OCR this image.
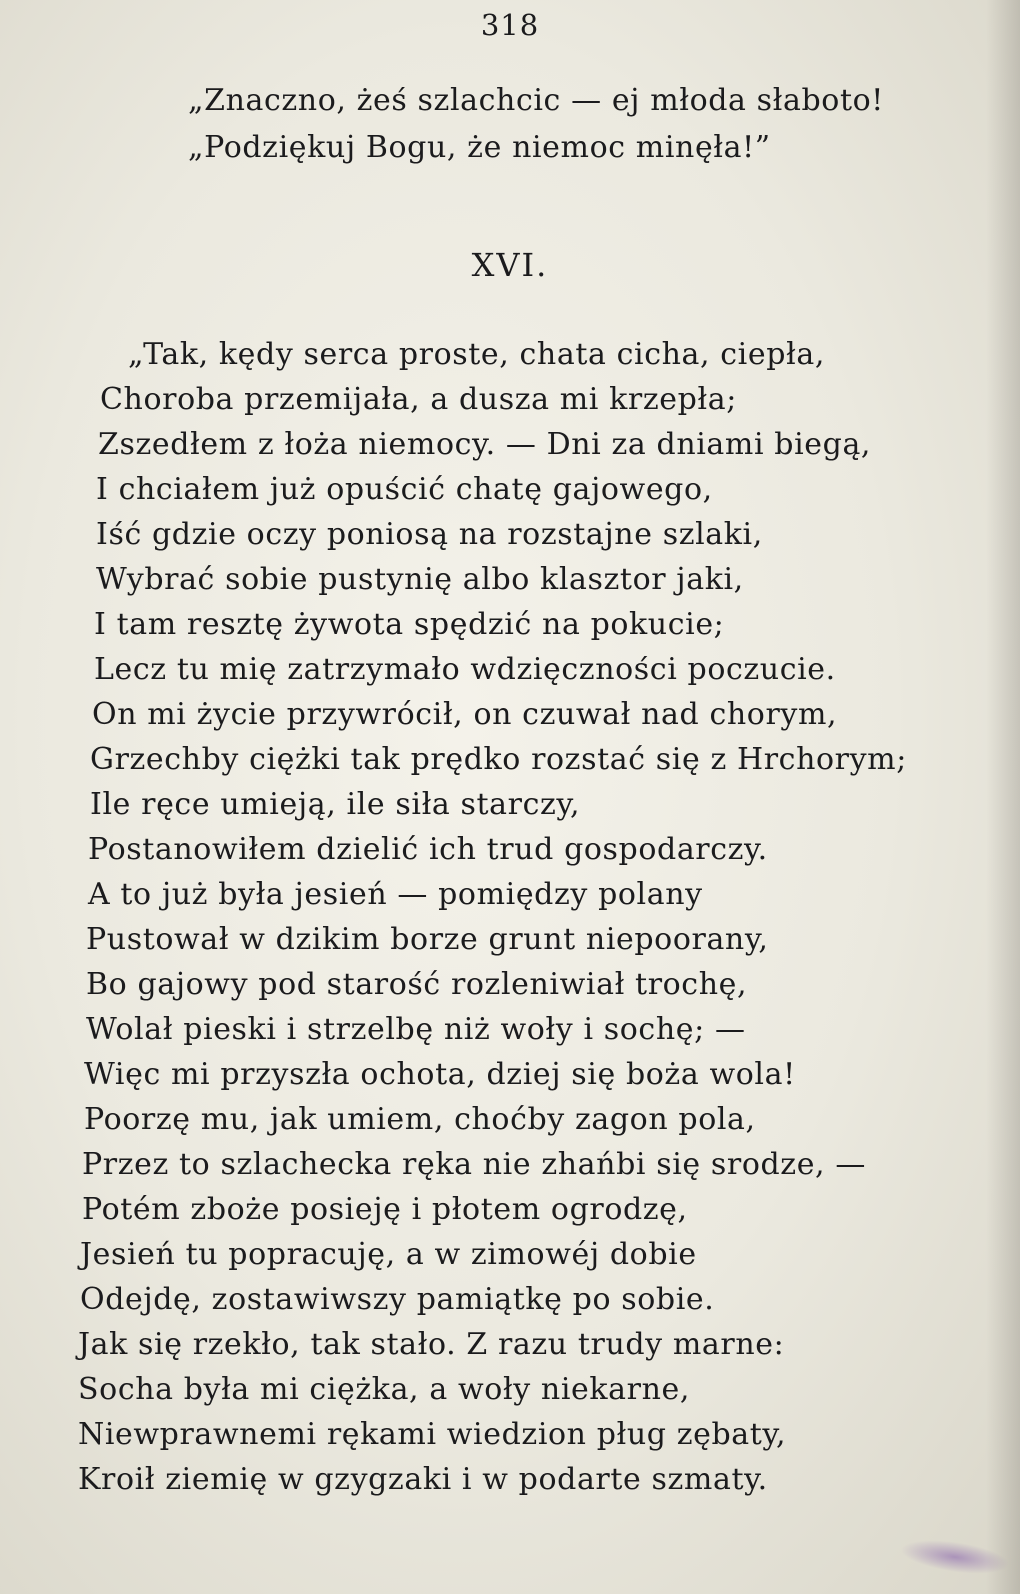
318
„Znaczno, żeś szlachcic — ej młoda słaboto!
„Podziękuj Bogu, że niemoc minęła!”
XVI.
„Tak, kędy serca proste, chata cicha, ciepła,
Choroba przemijała, a dusza mi krzepła;
Zszedłem z łoża niemocy. — Dni za dniami biegą,
I chciałem już opuścić chatę gajowego,
Iść gdzie oczy poniosą na rozstajne szlaki,
Wybrać sobie pustynię albo klasztor jaki,
I tam resztę żywota spędzić na pokucie;
Lecz tu mię zatrzymało wdzięczności poczucie.
On mi życie przywrócił, on czuwał nad chorym,
Grzechby ciężki tak prędko rozstać się z Hrchorym;
Ile ręce umieją, ile siła starczy,
Postanowiłem dzielić ich trud gospodarczy.
A to już była jesień — pomiędzy polany
Pustował w dzikim borze grunt niepoorany,
Bo gajowy pod starość rozleniwiał trochę,
Wolał pieski i strzelbę niż woły i sochę; —
Więc mi przyszła ochota, dziej się boża wola!
Poorzę mu, jak umiem, choćby zagon pola,
Przez to szlachecka ręka nie zhańbi się srodze, —
Potém zboże posieję i płotem ogrodzę,
Jesień tu popracuję, a w zimowéj dobie
Odejdę, zostawiwszy pamiątkę po sobie.
Jak się rzekło, tak stało. Z razu trudy marne:
Socha była mi ciężka, a woły niekarne,
Niewprawnemi rękami wiedzion pług zębaty,
Kroił ziemię w gzygzaki i w podarte szmaty.
